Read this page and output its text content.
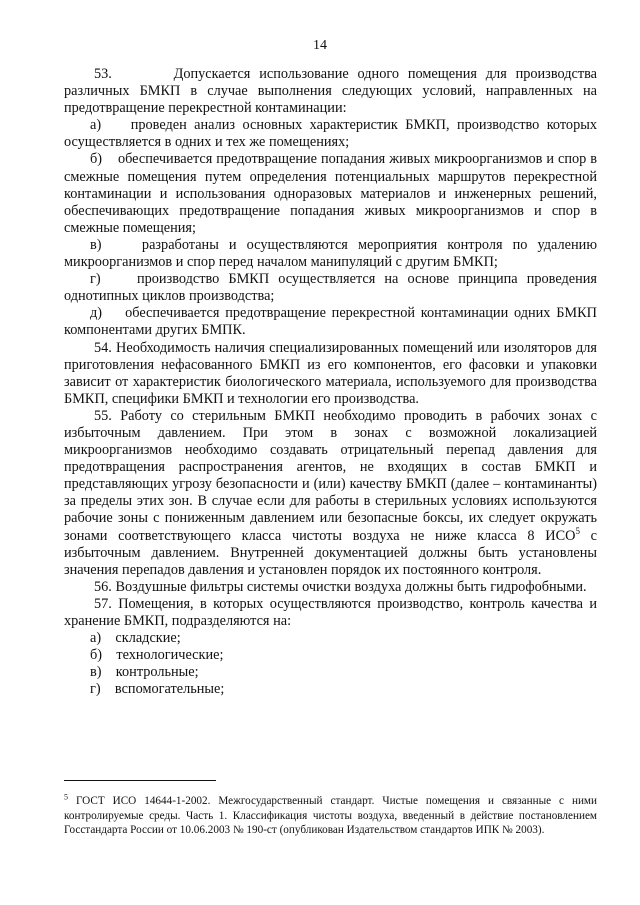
14

53.       Допускается использование одного помещения для производства различных БМКП в случае выполнения следующих условий, направленных на предотвращение перекрестной контаминации:

а)    проведен анализ основных характеристик БМКП, производство которых осуществляется в одних и тех же помещениях;

б)    обеспечивается предотвращение попадания живых микроорганизмов и спор в смежные помещения путем определения потенциальных маршрутов перекрестной контаминации и использования одноразовых материалов и инженерных решений, обеспечивающих предотвращение попадания живых микроорганизмов и спор в смежные помещения;

в)    разработаны и осуществляются мероприятия контроля по удалению микроорганизмов и спор перед началом манипуляций с другим БМКП;

г)    производство БМКП осуществляется на основе принципа проведения однотипных циклов производства;

д)    обеспечивается предотвращение перекрестной контаминации одних БМКП компонентами других БМПК.

54. Необходимость наличия специализированных помещений или изоляторов для приготовления нефасованного БМКП из его компонентов, его фасовки и упаковки зависит от характеристик биологического материала, используемого для производства БМКП, специфики БМКП и технологии его производства.

55. Работу со стерильным БМКП необходимо проводить в рабочих зонах с избыточным давлением. При этом в зонах с возможной локализацией микроорганизмов необходимо создавать отрицательный перепад давления для предотвращения распространения агентов, не входящих в состав БМКП и представляющих угрозу безопасности и (или) качеству БМКП (далее – контаминанты) за пределы этих зон. В случае если для работы в стерильных условиях используются рабочие зоны с пониженным давлением или безопасные боксы, их следует окружать зонами соответствующего класса чистоты воздуха не ниже класса 8 ИСО$^5$ с избыточным давлением. Внутренней документацией должны быть установлены значения перепадов давления и установлен порядок их постоянного контроля.

56. Воздушные фильтры системы очистки воздуха должны быть гидрофобными.

57. Помещения, в которых осуществляются производство, контроль качества и хранение БМКП, подразделяются на:

а)    складские;

б)    технологические;

в)    контрольные;

г)    вспомогательные;

$^5$ ГОСТ ИСО 14644-1-2002. Межгосударственный стандарт. Чистые помещения и связанные с ними контролируемые среды. Часть 1. Классификация чистоты воздуха, введенный в действие постановлением Госстандарта России от 10.06.2003 № 190-ст (опубликован Издательством стандартов ИПК № 2003).
